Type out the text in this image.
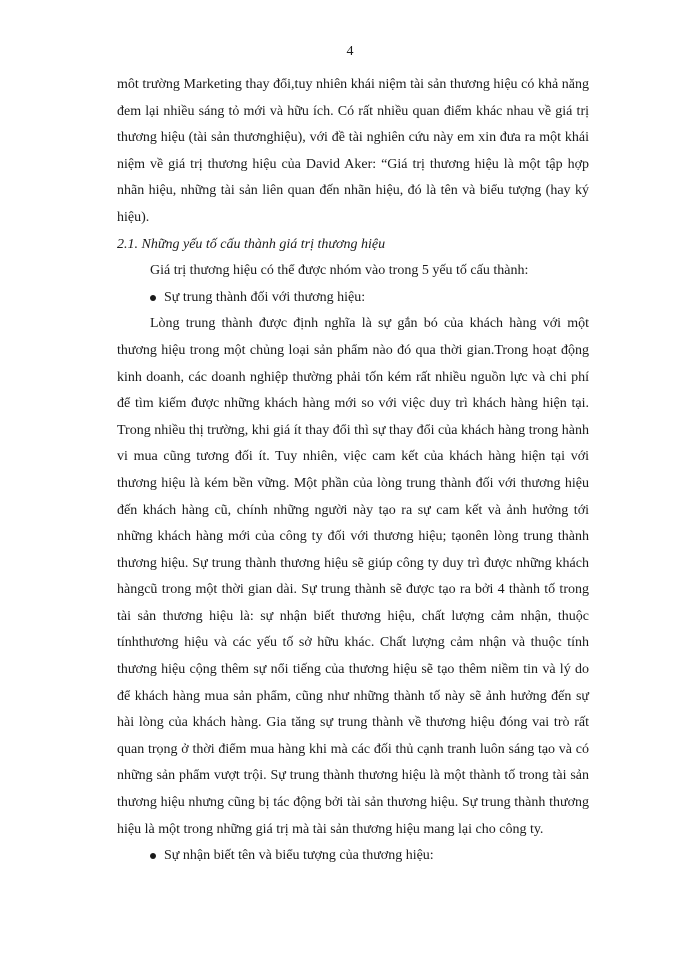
4

môt trường Marketing thay đổi,tuy nhiên khái niệm tài sản thương hiệu có khả năng đem lại nhiều sáng tỏ mới và hữu ích. Có rất nhiều quan điểm khác nhau về giá trị thương hiệu (tài sản thươnghiệu), với đề tài nghiên cứu này em xin đưa ra một khái niệm về giá trị thương hiệu của David Aker: “Giá trị thương hiệu là một tập hợp nhãn hiệu, những tài sản liên quan đến nhãn hiệu, đó là tên và biểu tượng (hay ký hiệu).

2.1. Những yếu tố cấu thành giá trị thương hiệu

Giá trị thương hiệu có thể được nhóm vào trong 5 yếu tố cấu thành:

Sự trung thành đối với thương hiệu:

Lòng trung thành được định nghĩa là sự gắn bó của khách hàng với một thương hiệu trong một chủng loại sản phẩm nào đó qua thời gian.Trong hoạt động kinh doanh, các doanh nghiệp thường phải tốn kém rất nhiều nguồn lực và chi phí để tìm kiếm được những khách hàng mới so với việc duy trì khách hàng hiện tại. Trong nhiều thị trường, khi giá ít thay đổi thì sự thay đổi của khách hàng trong hành vi mua cũng tương đối ít. Tuy nhiên, việc cam kết của khách hàng hiện tại với thương hiệu là kém bền vững. Một phần của lòng trung thành đối với thương hiệu đến khách hàng cũ, chính những người này tạo ra sự cam kết và ảnh hưởng tới những khách hàng mới của công ty đối với thương hiệu; tạonên lòng trung thành thương hiệu. Sự trung thành thương hiệu sẽ giúp công ty duy trì được những khách hàngcũ trong một thời gian dài. Sự trung thành sẽ được tạo ra bởi 4 thành tố trong tài sản thương hiệu là: sự nhận biết thương hiệu, chất lượng cảm nhận, thuộc tínhthương hiệu và các yếu tố sở hữu khác. Chất lượng cảm nhận và thuộc tính thương hiệu cộng thêm sự nổi tiếng của thương hiệu sẽ tạo thêm niềm tin và lý do để khách hàng mua sản phẩm, cũng như những thành tố này sẽ ảnh hưởng đến sự hài lòng của khách hàng. Gia tăng sự trung thành về thương hiệu đóng vai trò rất quan trọng ở thời điểm mua hàng khi mà các đối thủ cạnh tranh luôn sáng tạo và có những sản phẩm vượt trội. Sự trung thành thương hiệu là một thành tố trong tài sản thương hiệu nhưng cũng bị tác động bởi tài sản thương hiệu. Sự trung thành thương hiệu là một trong những giá trị mà tài sản thương hiệu mang lại cho công ty.

Sự nhận biết tên và biểu tượng của thương hiệu:
